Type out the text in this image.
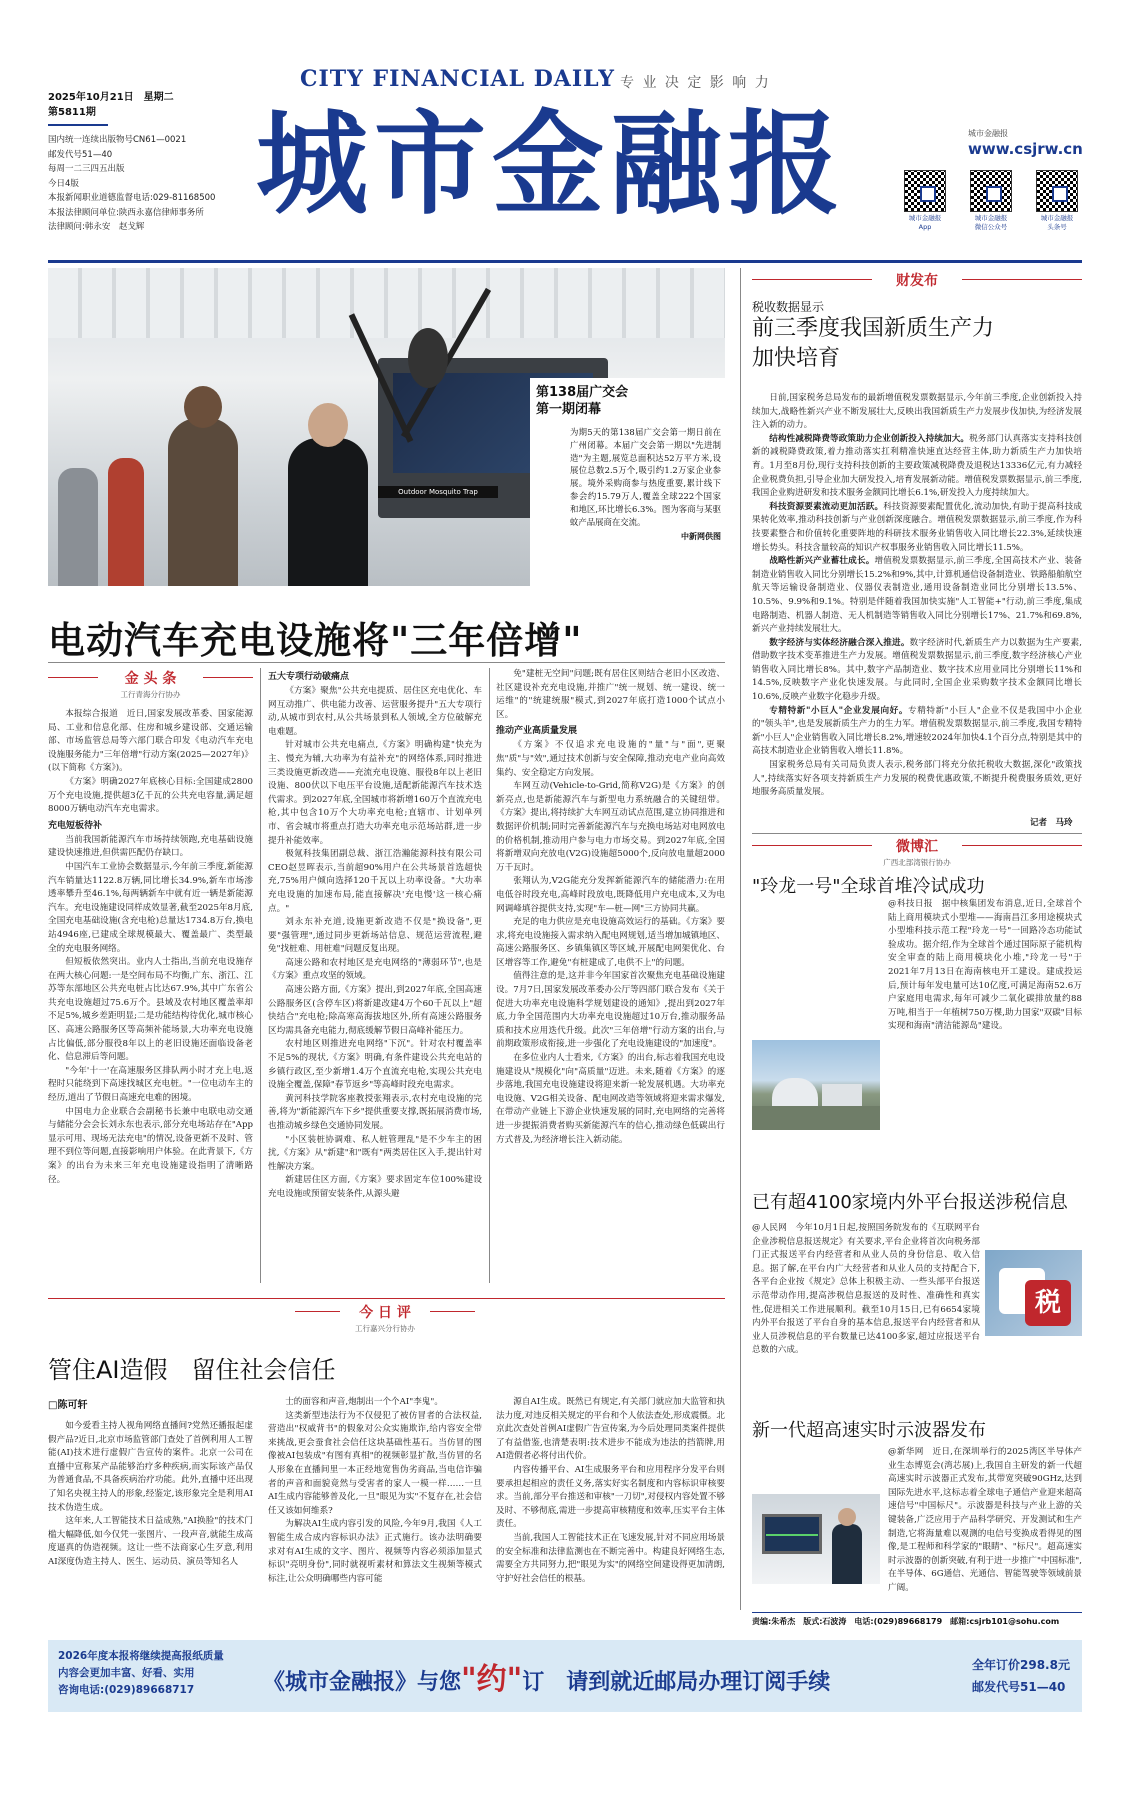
CITY FINANCIAL DAILY 专 业 决 定 影 响 力
城市金融报
2025年10月21日　星期二
第5811期
国内统一连续出版物号CN61—0021
邮发代号51—40
每周一二三四五出版
今日4版
本报新闻职业道德监督电话:029-81168500
本报法律顾问单位:陕西永嘉信律师事务所
法律顾问:韩永安　赵戈辉
城市金融报
www.csjrw.cn
城市金融报
App
城市金融报
微信公众号
城市金融报
头条号
Outdoor Mosquito Trap
第138届广交会
第一期闭幕
为期5天的第138届广交会第一期日前在广州闭幕。本届广交会第一期以"先进制造"为主题,展览总面积达52万平方米,设展位总数2.5万个,吸引约1.2万家企业参展。境外采购商参与热度重要,累计线下参会约15.79万人,覆盖全球222个国家和地区,环比增长6.3%。图为客商与某驱蚊产品展商在交流。
中新网供图
电动汽车充电设施将"三年倍增"
金 头 条
工行青海分行协办

本报综合报道　近日,国家发展改革委、国家能源局、工业和信息化部、住房和城乡建设部、交通运输部、市场监管总局等六部门联合印发《电动汽车充电设施服务能力"三年倍增"行动方案(2025—2027年)》(以下简称《方案》)。

《方案》明确2027年底核心目标:全国建成2800万个充电设施,提供超3亿千瓦的公共充电容量,满足超8000万辆电动汽车充电需求。

充电短板待补

当前我国新能源汽车市场持续领跑,充电基础设施建设快速推进,但供需匹配仍存缺口。

中国汽车工业协会数据显示,今年前三季度,新能源汽车销量达1122.8万辆,同比增长34.9%,新车市场渗透率攀升至46.1%,每两辆新车中就有近一辆是新能源汽车。充电设施建设同样成效显著,截至2025年8月底,全国充电基础设施(含充电枪)总量达1734.8万台,换电站4946座,已建成全球规模最大、覆盖最广、类型最全的充电服务网络。

但短板依然突出。业内人士指出,当前充电设施存在两大核心问题:一是空间布局不均衡,广东、浙江、江苏等东部地区公共充电桩占比达67.9%,其中广东省公共充电设施超过75.6万个。县域及农村地区覆盖率却不足5%,城乡差距明显;二是功能结构待优化,城市核心区、高速公路服务区等高频补能场景,大功率充电设施占比偏低,部分服役8年以上的老旧设施还面临设备老化、信息滞后等问题。

"今年'十一'在高速服务区排队两小时才充上电,返程时只能绕到下高速找城区充电桩。"一位电动车主的经历,道出了节假日高速充电难的困境。

中国电力企业联合会副秘书长兼中电联电动交通与储能分会会长刘永东也表示,部分充电场站存在"App显示可用、现场无法充电"的情况,设备更新不及时、管理不到位等问题,直接影响用户体验。在此背景下,《方案》的出台为未来三年充电设施建设指明了清晰路径。

五大专项行动破痛点

《方案》聚焦"公共充电提质、居住区充电优化、车网互动推广、供电能力改善、运营服务提升"五大专项行动,从城市到农村,从公共场景到私人领域,全方位破解充电难题。

针对城市公共充电痛点,《方案》明确构建"快充为主、慢充为辅,大功率为有益补充"的网络体系,同时推进三类设施更新改造——充流充电设施、服役8年以上老旧设施、800伏以下电压平台设施,适配新能源汽车技术迭代需求。到2027年底,全国城市将新增160万个直流充电枪,其中包含10万个大功率充电枪;直辖市、计划单列市、省会城市将重点打造大功率充电示范场站群,进一步提升补能效率。

极氪科技集团副总裁、浙江浩瀚能源科技有限公司CEO赵昱晖表示,当前超90%用户在公共场景首选超快充,75%用户倾向选择120千瓦以上功率设备。"大功率充电设施的加速布局,能直接解决'充电慢'这一核心痛点。"

刘永东补充道,设施更新改造不仅是"换设备",更要"强管理",通过同步更新场站信息、规范运营流程,避免"找桩难、用桩难"问题反复出现。

高速公路和农村地区是充电网络的"薄弱环节",也是《方案》重点攻坚的领域。

高速公路方面,《方案》提出,到2027年底,全国高速公路服务区(含停车区)将新建改建4万个60千瓦以上"超快结合"充电枪;除高寒高海拔地区外,所有高速公路服务区均需具备充电能力,彻底缓解节假日高峰补能压力。

农村地区则推进充电网络"下沉"。针对农村覆盖率不足5%的现状,《方案》明确,有条件建设公共充电站的乡镇行政区,至少新增1.4万个直流充电枪,实现公共充电设施全覆盖,保障"春节返乡"等高峰时段充电需求。

黄河科技学院客座教授张翔表示,农村充电设施的完善,将为"新能源汽车下乡"提供重要支撑,既拓展消费市场,也推动城乡绿色交通协同发展。

"小区装桩协调难、私人桩管理乱"是不少车主的困扰,《方案》从"新建"和"既有"两类居住区入手,提出针对性解决方案。

新建居住区方面,《方案》要求固定车位100%建设充电设施或预留安装条件,从源头避

免"建桩无空间"问题;既有居住区则结合老旧小区改造、社区建设补充充电设施,并推广"统一规划、统一建设、统一运维"的"统建统服"模式,到2027年底打造1000个试点小区。

推动产业高质量发展

《方案》不仅追求充电设施的"量"与"面",更聚焦"质"与"效",通过技术创新与安全保障,推动充电产业向高效集约、安全稳定方向发展。

车网互动(Vehicle-to-Grid,简称V2G)是《方案》的创新亮点,也是新能源汽车与新型电力系统融合的关键纽带。《方案》提出,将持续扩大车网互动试点范围,建立协同推进和数据评价机制;同时完善新能源汽车与充换电场站对电网放电的价格机制,推动用户参与电力市场交易。到2027年底,全国将新增双向充放电(V2G)设施超5000个,反向放电量超2000万千瓦时。

张翔认为,V2G能充分发挥新能源汽车的储能潜力:在用电低谷时段充电,高峰时段放电,既降低用户充电成本,又为电网调峰填谷提供支持,实现"车—桩—网"三方协同共赢。

充足的电力供应是充电设施高效运行的基础。《方案》要求,将充电设施接入需求纳入配电网规划,适当增加城镇地区、高速公路服务区、乡镇集镇区等区域,开展配电网架优化、台区增容等工作,避免"有桩建成了,电供不上"的问题。

值得注意的是,这并非今年国家首次聚焦充电基础设施建设。7月7日,国家发展改革委办公厅等四部门联合发布《关于促进大功率充电设施科学规划建设的通知》,提出到2027年底,力争全国范围内大功率充电设施超过10万台,推动服务品质和技术应用迭代升级。此次"三年倍增"行动方案的出台,与前期政策形成衔接,进一步强化了充电设施建设的"加速度"。

在多位业内人士看来,《方案》的出台,标志着我国充电设施建设从"规模化"向"高质量"迈进。未来,随着《方案》的逐步落地,我国充电设施建设将迎来新一轮发展机遇。大功率充电设施、V2G相关设备、配电网改造等领域将迎来需求爆发,在带动产业链上下游企业快速发展的同时,充电网络的完善将进一步提振消费者购买新能源汽车的信心,推动绿色低碳出行方式普及,为经济增长注入新动能。

今 日 评
工行嘉兴分行协办
管住AI造假　留住社会信任
□陈可轩

如今爱看主持人视角网络直播间?党然还播报起虚假产品?近日,北京市场监管部门查处了首例利用人工智能(AI)技术进行虚假广告宣传的案件。北京一公司在直播中宣称某产品能够治疗多种疾病,而实际该产品仅为普通食品,不具备疾病治疗功能。此外,直播中还出现了知名央视主持人的形象,经鉴定,该形象完全是利用AI技术伪造生成。

这年来,人工智能技术日益成熟,"AI换脸"的技术门槛大幅降低,如今仅凭一张图片、一段声音,就能生成高度逼真的伪造视频。这让一些不法商家心生歹意,利用AI深度伪造主持人、医生、运动员、演员等知名人

士的面容和声音,炮制出一个个AI"李鬼"。

这类新型违法行为不仅侵犯了被仿冒者的合法权益,营造出"权威背书"的假象对公众实施欺诈,给内容安全带来挑战,更会蚕食社会信任这块基础性基石。当仿冒的图像被AI包装成"有图有真相"的视频彰显扩散,当仿冒的名人形象在直播间里一本正经地宽售伪劣商品,当电信诈骗者的声音和面貌竟然与受害者的家人一模一样……一旦AI生成内容能够普及化,一旦"眼见为实"不复存在,社会信任又该如何维系?

为解决AI生成内容引发的风险,今年9月,我国《人工智能生成合成内容标识办法》正式施行。该办法明确要求对有AI生成的文字、图片、视频等内容必须添加显式标识"亮明身份",同时就视听素材和算法文生视频等模式标注,让公众明确哪些内容可能

源自AI生成。既然已有规定,有关部门就应加大监管和执法力度,对违反相关规定的平台和个人依法查处,形成震慑。北京此次查处首例AI虚假广告宣传案,为今后处理同类案件提供了有益借鉴,也清楚表明:技术进步不能成为违法的挡箭牌,用AI造假者必将付出代价。

内容传播平台、AI生成服务平台和应用程序分发平台则要承担起相应的责任义务,落实好实名制度和内容标识审核要求。当前,部分平台推送和审核"一刀切",对侵权内容处置不够及时、不够彻底,需进一步提高审核精度和效率,压实平台主体责任。

当前,我国人工智能技术正在飞速发展,针对不同应用场景的安全标准和法律监测也在不断完善中。构建良好网络生态,需要全方共同努力,把"眼见为实"的网络空间建设得更加清朗,守护好社会信任的根基。

财发布
税收数据显示
前三季度我国新质生产力
加快培育

日前,国家税务总局发布的最新增值税发票数据显示,今年前三季度,企业创新投入持续加大,战略性新兴产业不断发展壮大,反映出我国新质生产力发展步伐加快,为经济发展注入新的动力。

结构性减税降费等政策助力企业创新投入持续加大。税务部门认真落实支持科技创新的减税降费政策,着力推动落实扛利精准快速直达经营主体,助力新质生产力加快培育。1月至8月份,现行支持科技创新的主要政策减税降费及退税达13336亿元,有力减轻企业税费负担,引导企业加大研发投入,培育发展新动能。增值税发票数据显示,前三季度,我国企业购进研发和技术服务金额同比增长6.1%,研发投入力度持续加大。

科技资源要素流动更加活跃。科技资源要素配置优化,流动加快,有助于提高科技成果转化效率,推动科技创新与产业创新深度融合。增值税发票数据显示,前三季度,作为科技要素整合和价值转化重要阵地的科研技术服务业销售收入同比增长22.3%,延续快速增长势头。科技含量较高的知识产权事服务业销售收入同比增长11.5%。

战略性新兴产业蓄壮成长。增值税发票数据显示,前三季度,全国高技术产业、装备制造业销售收入同比分别增长15.2%和9%,其中,计算机通信设备制造业、铁路船舶航空航天等运输设备制造业、仪器仪表制造业,通用设备制造业同比分别增长13.5%、10.5%、9.9%和9.1%。特别是伴随着我国加快实施"人工智能+"行动,前三季度,集成电路制造、机器人制造、无人机制造等销售收入同比分别增长17%、21.7%和69.8%,新兴产业持续发展壮大。

数字经济与实体经济融合深入推进。数字经济时代,新质生产力以数据为生产要素,借助数字技术变革推进生产力发展。增值税发票数据显示,前三季度,数字经济核心产业销售收入同比增长8%。其中,数字产品制造业、数字技术应用业同比分别增长11%和14.5%,反映数字产业化快速发展。与此同时,全国企业采购数字技术金额同比增长10.6%,反映产业数字化稳步升级。

专精特新"小巨人"企业发展向好。专精特新"小巨人"企业不仅是我国中小企业的"领头羊",也是发展新质生产力的生力军。增值税发票数据显示,前三季度,我国专精特新"小巨人"企业销售收入同比增长8.2%,增速较2024年加快4.1个百分点,特别是其中的高技术制造业企业销售收入增长11.8%。

国家税务总局有关司局负责人表示,税务部门将充分依托税收大数据,深化"政策找人",持续落实好各项支持新质生产力发展的税费优惠政策,不断提升税费服务质效,更好地服务高质量发展。

记者　马玲
微博汇
广西北部湾银行协办
"玲龙一号"全球首堆冷试成功
已有超4100家境内外平台报送涉税信息
税
新一代超高速实时示波器发布
@科技日报　据中核集团发布消息,近日,全球首个陆上商用模块式小型堆——海南昌江多用途模块式小型堆科技示范工程"玲龙一号"一回路冷态功能试验成功。据介绍,作为全球首个通过国际原子能机构安全审查的陆上商用模块化小堆,"玲龙一号"于2021年7月13日在海南核电开工建设。建成投运后,预计每年发电量可达10亿度,可满足海南52.6万户家庭用电需求,每年可减少二氧化碳排放量约88万吨,相当于一年植树750万棵,助力国家"双碳"目标实现和海南"清洁能源岛"建设。
@人民网　今年10月1日起,按照国务院发布的《互联网平台企业涉税信息报送规定》有关要求,平台企业将首次向税务部门正式报送平台内经营者和从业人员的身份信息、收入信息。据了解,在平台内广大经营者和从业人员的支持配合下,各平台企业按《规定》总体上积极主动、一些头部平台报送示范带动作用,提高涉税信息报送的及时性、准确性和真实性,促进相关工作进展顺利。截至10月15日,已有6654家境内外平台报送了平台自身的基本信息,报送平台内经营者和从业人员涉税信息的平台数量已达4100多家,超过应报送平台总数的六成。
@新华网　近日,在深圳举行的2025湾区半导体产业生态博览会(湾芯展)上,我国自主研发的新一代超高速实时示波器正式发布,其带宽突破90GHz,达到国际先进水平,这标志着全球电子通信产业迎来超高速信号"中国标尺"。示波器是科技与产业上游的关键装备,广泛应用于产品科学研究、开发测试和生产制造,它将海量难以观测的电信号变换成看得见的图像,是工程师和科学家的"眼睛"、"标尺"。超高速实时示波器的创新突破,有利于进一步推广"中国标准",在半导体、6G通信、光通信、智能驾驶等领域前景广阔。
责编:朱希杰　版式:石波涛　电话:(029)89668179　邮箱:csjrb101@sohu.com
2026年度本报将继续提高报纸质量
内容会更加丰富、好看、实用
咨询电话:(029)89668717	《城市金融报》与您"约"订　请到就近邮局办理订阅手续
全年订价298.8元
邮发代号51—40
